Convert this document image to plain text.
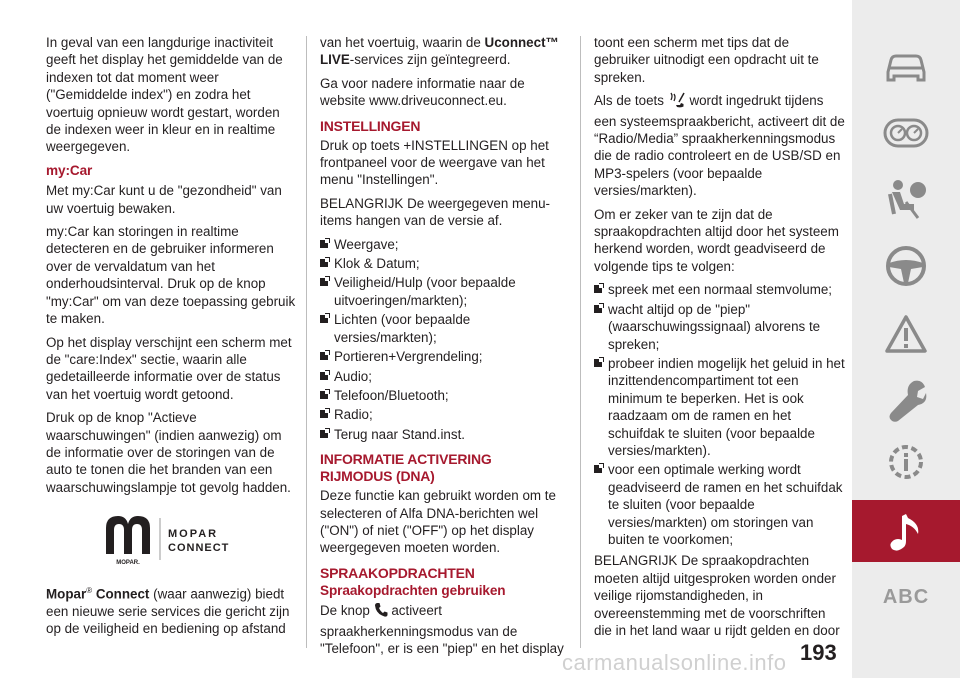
In geval van een langdurige inactiviteit geeft het display het gemiddelde van de indexen tot dat moment weer ("Gemiddelde index") en zodra het voertuig opnieuw wordt gestart, worden de indexen weer in kleur en in realtime weergegeven.

my:Car

Met my:Car kunt u de "gezondheid" van uw voertuig bewaken.

my:Car kan storingen in realtime detecteren en de gebruiker informeren over de vervaldatum van het onderhoudsinterval. Druk op de knop "my:Car" om van deze toepassing gebruik te maken.

Op het display verschijnt een scherm met de "care:Index" sectie, waarin alle gedetailleerde informatie over de status van het voertuig wordt getoond.

Druk op de knop "Actieve waarschuwingen" (indien aanwezig) om de informatie over de storingen van de auto te tonen die het branden van een waarschuwingslampje tot gevolg hadden.

MOPAR.
MOPAR
CONNECT

Mopar® Connect (waar aanwezig) biedt een nieuwe serie services die gericht zijn op de veiligheid en bediening op afstand

van het voertuig, waarin de Uconnect™ LIVE-services zijn geïntegreerd.

Ga voor nadere informatie naar de website www.driveuconnect.eu.

INSTELLINGEN

Druk op toets +INSTELLINGEN op het frontpaneel voor de weergave van het menu "Instellingen".

BELANGRIJK De weergegeven menu-items hangen van de versie af.

Weergave;
Klok & Datum;
Veiligheid/Hulp (voor bepaalde uitvoeringen/markten);
Lichten (voor bepaalde versies/markten);
Portieren+Vergrendeling;
Audio;
Telefoon/Bluetooth;
Radio;
Terug naar Stand.inst.
INFORMATIE ACTIVERING RIJMODUS (DNA)

Deze functie kan gebruikt worden om te selecteren of Alfa DNA-berichten wel ("ON") of niet ("OFF") op het display weergegeven moeten worden.

SPRAAKOPDRACHTEN
Spraakopdrachten gebruiken

De knop activeert spraakherkenningsmodus van de "Telefoon", er is een "piep" en het display

toont een scherm met tips dat de gebruiker uitnodigt een opdracht uit te spreken.

Als de toets wordt ingedrukt tijdens een systeemspraakbericht, activeert dit de “Radio/Media” spraakherkenningsmodus die de radio controleert en de USB/SD en MP3-spelers (voor bepaalde versies/markten).

Om er zeker van te zijn dat de spraakopdrachten altijd door het systeem herkend worden, wordt geadviseerd de volgende tips te volgen:

spreek met een normaal stemvolume;
wacht altijd op de "piep" (waarschuwingssignaal) alvorens te spreken;
probeer indien mogelijk het geluid in het inzittendencompartiment tot een minimum te beperken. Het is ook raadzaam om de ramen en het schuifdak te sluiten (voor bepaalde versies/markten).
voor een optimale werking wordt geadviseerd de ramen en het schuifdak te sluiten (voor bepaalde versies/markten) om storingen van buiten te voorkomen;

BELANGRIJK De spraakopdrachten moeten altijd uitgesproken worden onder veilige rijomstandigheden, in overeenstemming met de voorschriften die in het land waar u rijdt gelden en door

ABC
193
carmanualsonline.info
